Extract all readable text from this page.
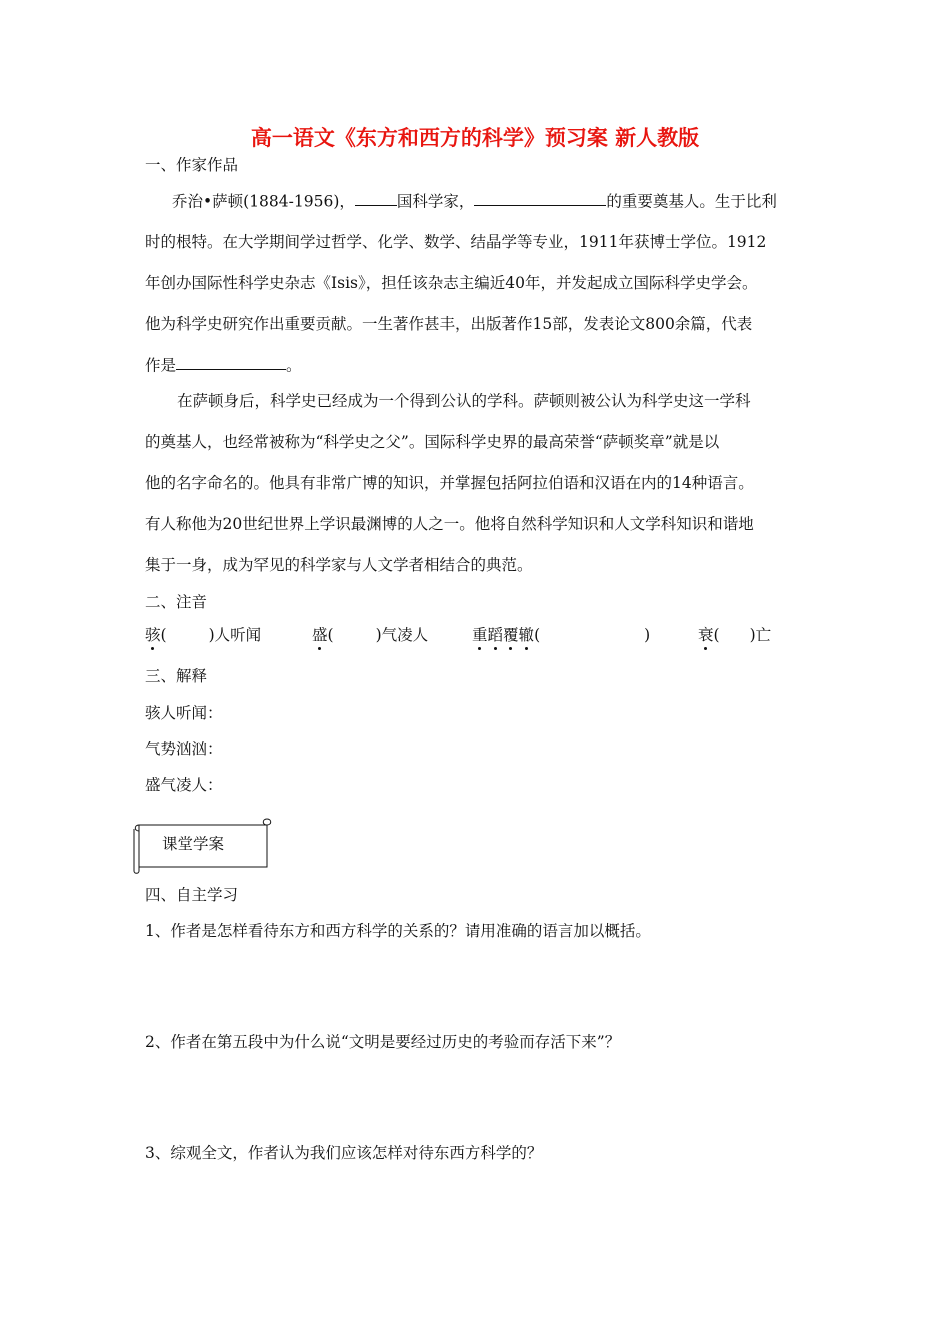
高一语文《东方和西方的科学》预习案 新人教版
一、作家作品
乔治•萨顿(1884-1956)，	国科学家，	的重要奠基人。生于比利
时的根特。在大学期间学过哲学、化学、数学、结晶学等专业，1911年获博士学位。1912
年创办国际性科学史杂志《Isis》，担任该杂志主编近40年，并发起成立国际科学史学会。
他为科学史研究作出重要贡献。一生著作甚丰，出版著作15部，发表论文800余篇，代表
作是	。
在萨顿身后，科学史已经成为一个得到公认的学科。萨顿则被公认为科学史这一学科
的奠基人，也经常被称为“科学史之父”。国际科学史界的最高荣誉“萨顿奖章”就是以
他的名字命名的。他具有非常广博的知识，并掌握包括阿拉伯语和汉语在内的14种语言。
有人称他为20世纪世界上学识最渊博的人之一。他将自然科学知识和人文学科知识和谐地
集于一身，成为罕见的科学家与人文学者相结合的典范。
二、注音
骇(	)人听闻	盛(	)气凌人	重蹈覆辙(	)	衰( )亡
三、解释
骇人听闻：
气势汹汹：
盛气凌人：
课堂学案
四、自主学习
1、作者是怎样看待东方和西方科学的关系的？请用准确的语言加以概括。
2、作者在第五段中为什么说“文明是要经过历史的考验而存活下来”？
3、综观全文，作者认为我们应该怎样对待东西方科学的？
